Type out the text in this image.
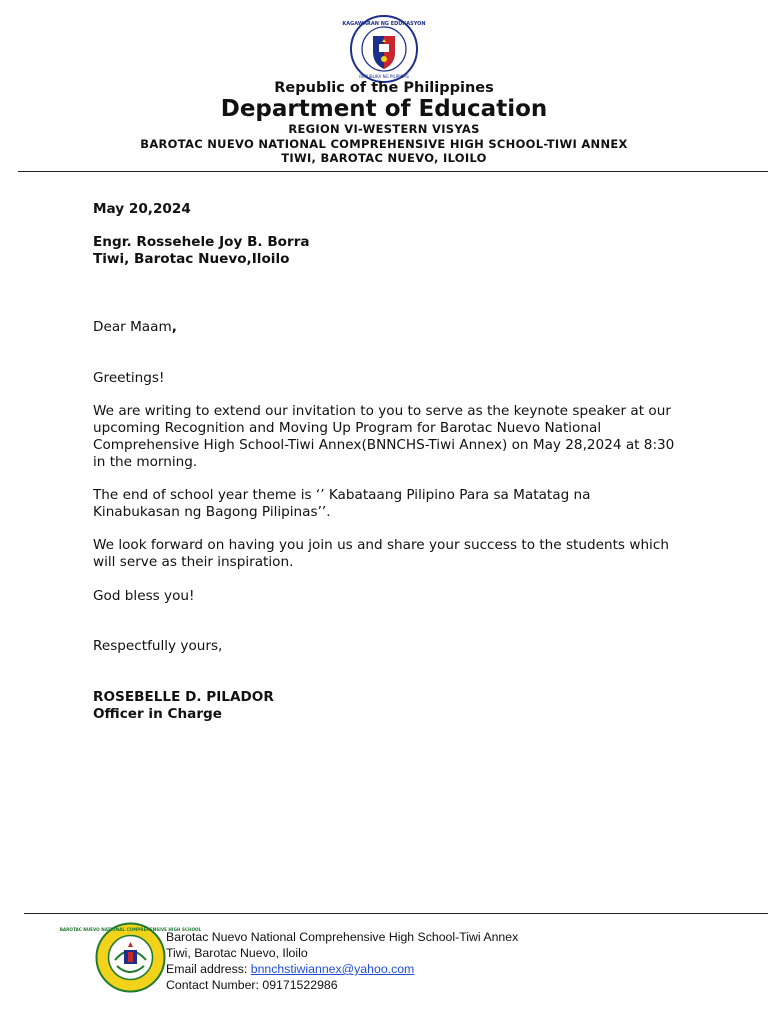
KAGAWARAN NG EDUKASYON
REPUBLIKA NG PILIPINAS
Republic of the Philippines
Department of Education
REGION VI-WESTERN VISYAS
BAROTAC NUEVO NATIONAL COMPREHENSIVE HIGH SCHOOL-TIWI ANNEX
TIWI, BAROTAC NUEVO, ILOILO
May 20,2024
Engr. Rossehele Joy B. Borra
Tiwi, Barotac Nuevo,Iloilo
Dear Maam,
Greetings!
We are writing to extend our invitation to you to serve as the keynote speaker at our upcoming Recognition and Moving Up Program for Barotac Nuevo National Comprehensive High School-Tiwi Annex(BNNCHS-Tiwi Annex) on May 28,2024 at 8:30 in the morning.
The end of school year theme is ‘’ Kabataang Pilipino Para sa Matatag na Kinabukasan ng Bagong Pilipinas’’.
We look forward on having you join us and share your success to the students which will serve as their inspiration.
God bless you!
Respectfully yours,
ROSEBELLE D. PILADOR
Officer in Charge
BAROTAC NUEVO NATIONAL COMPREHENSIVE HIGH SCHOOL
Barotac Nuevo National Comprehensive High School-Tiwi Annex
Tiwi, Barotac Nuevo, Iloilo
Email address: bnnchstiwiannex@yahoo.com
Contact Number: 09171522986
